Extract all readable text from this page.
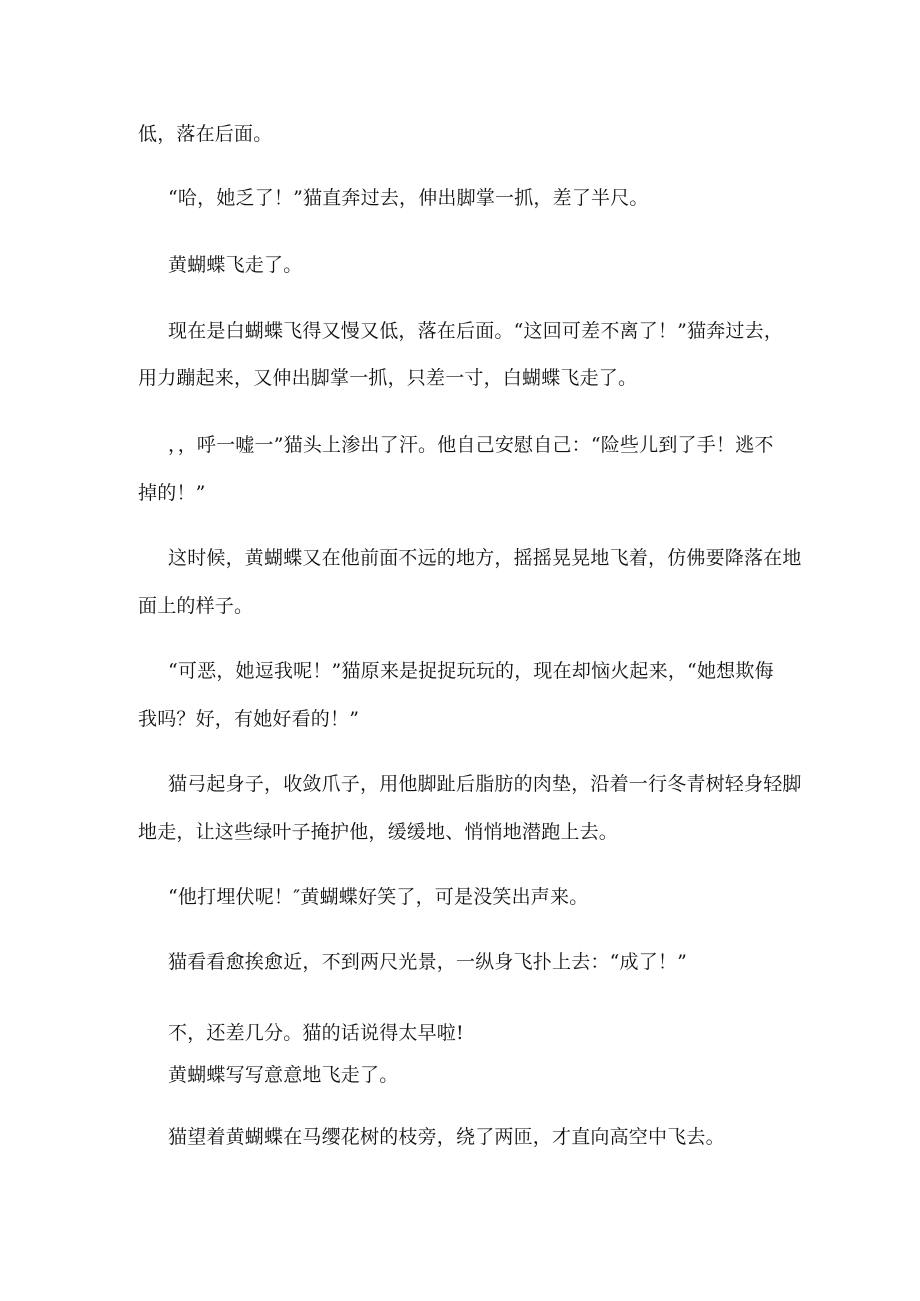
低，落在后面。
“哈，她乏了！”猫直奔过去，伸出脚掌一抓，差了半尺。
黄蝴蝶飞走了。
现在是白蝴蝶飞得又慢又低，落在后面。“这回可差不离了！”猫奔过去，
用力蹦起来，又伸出脚掌一抓，只差一寸，白蝴蝶飞走了。
，，呼一嘘一”猫头上渗出了汗。他自己安慰自己：“险些儿到了手！逃不
掉的！”
这时候，黄蝴蝶又在他前面不远的地方，摇摇晃晃地飞着，仿佛要降落在地
面上的样子。
“可恶，她逗我呢！”猫原来是捉捉玩玩的，现在却恼火起来，“她想欺侮
我吗？好，有她好看的！”
猫弓起身子，收敛爪子，用他脚趾后脂肪的肉垫，沿着一行冬青树轻身轻脚
地走，让这些绿叶子掩护他，缓缓地、悄悄地潜跑上去。
“他打埋伏呢！″黄蝴蝶好笑了，可是没笑出声来。
猫看看愈挨愈近，不到两尺光景，一纵身飞扑上去：“成了！”
不，还差几分。猫的话说得太早啦!
黄蝴蝶写写意意地飞走了。
猫望着黄蝴蝶在马缨花树的枝旁，绕了两匝，才直向高空中飞去。
